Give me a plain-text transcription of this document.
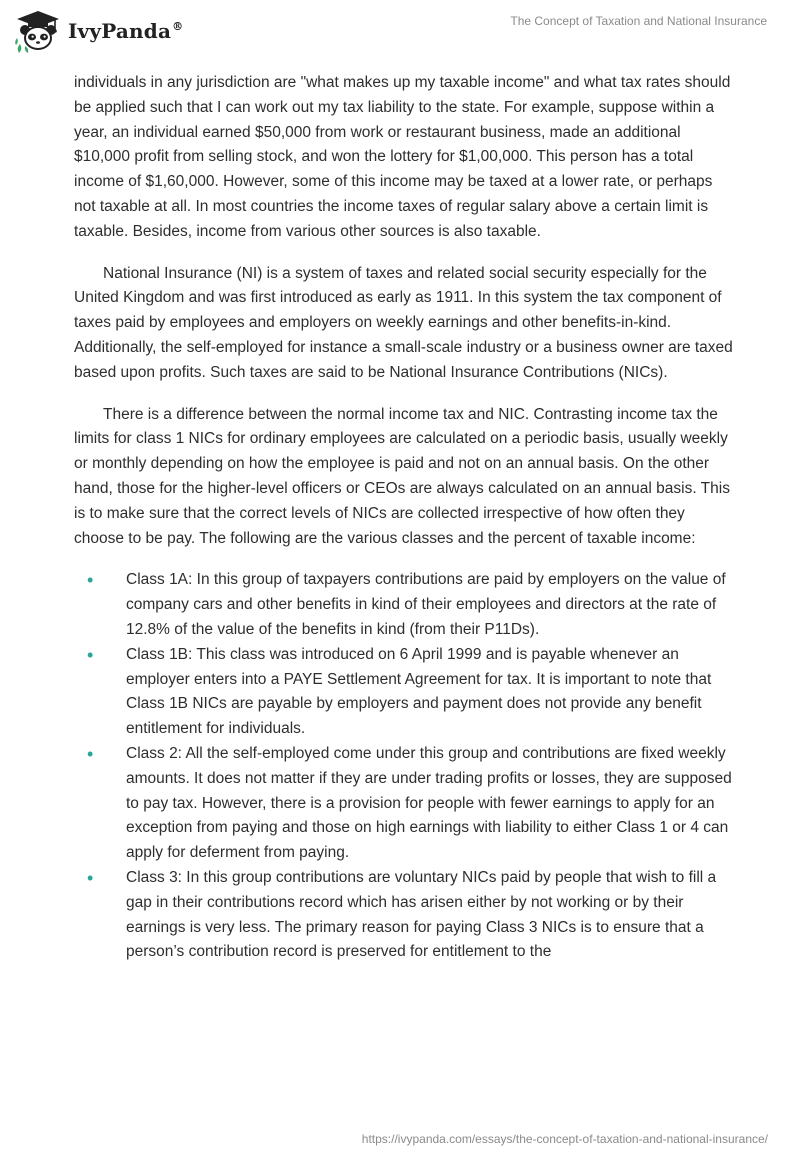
IvyPanda®	The Concept of Taxation and National Insurance

individuals in any jurisdiction are "what makes up my taxable income" and what tax rates should be applied such that I can work out my tax liability to the state. For example, suppose within a year, an individual earned $50,000 from work or restaurant business, made an additional $10,000 profit from selling stock, and won the lottery for $1,00,000. This person has a total income of $1,60,000. However, some of this income may be taxed at a lower rate, or perhaps not taxable at all. In most countries the income taxes of regular salary above a certain limit is taxable. Besides, income from various other sources is also taxable.

National Insurance (NI) is a system of taxes and related social security especially for the United Kingdom and was first introduced as early as 1911. In this system the tax component of taxes paid by employees and employers on weekly earnings and other benefits-in-kind. Additionally, the self-employed for instance a small-scale industry or a business owner are taxed based upon profits. Such taxes are said to be National Insurance Contributions (NICs).

There is a difference between the normal income tax and NIC. Contrasting income tax the limits for class 1 NICs for ordinary employees are calculated on a periodic basis, usually weekly or monthly depending on how the employee is paid and not on an annual basis. On the other hand, those for the higher-level officers or CEOs are always calculated on an annual basis. This is to make sure that the correct levels of NICs are collected irrespective of how often they choose to be pay. The following are the various classes and the percent of taxable income:

• Class 1A: In this group of taxpayers contributions are paid by employers on the value of company cars and other benefits in kind of their employees and directors at the rate of 12.8% of the value of the benefits in kind (from their P11Ds).
• Class 1B: This class was introduced on 6 April 1999 and is payable whenever an employer enters into a PAYE Settlement Agreement for tax. It is important to note that Class 1B NICs are payable by employers and payment does not provide any benefit entitlement for individuals.
• Class 2: All the self-employed come under this group and contributions are fixed weekly amounts. It does not matter if they are under trading profits or losses, they are supposed to pay tax. However, there is a provision for people with fewer earnings to apply for an exception from paying and those on high earnings with liability to either Class 1 or 4 can apply for deferment from paying.
• Class 3: In this group contributions are voluntary NICs paid by people that wish to fill a gap in their contributions record which has arisen either by not working or by their earnings is very less. The primary reason for paying Class 3 NICs is to ensure that a person’s contribution record is preserved for entitlement to the
https://ivypanda.com/essays/the-concept-of-taxation-and-national-insurance/
